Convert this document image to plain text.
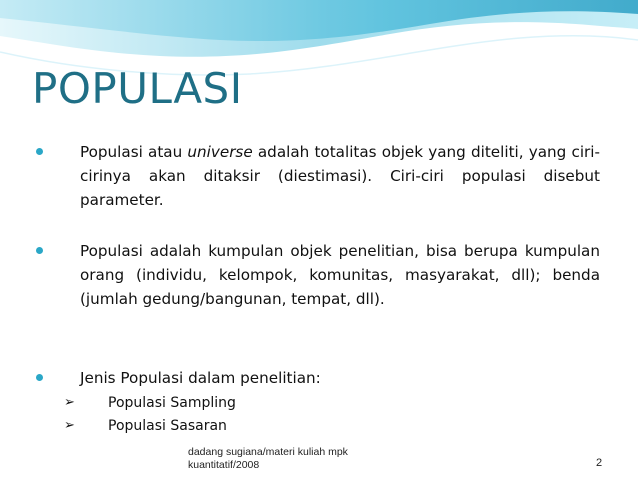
POPULASI
Populasi atau universe adalah totalitas objek yang diteliti, yang ciri-cirinya akan ditaksir (diestimasi). Ciri-ciri populasi disebut parameter.
Populasi adalah kumpulan objek penelitian, bisa berupa kumpulan orang (individu, kelompok, komunitas, masyarakat, dll); benda (jumlah gedung/bangunan, tempat, dll).
Jenis Populasi dalam penelitian:
➢ Populasi Sampling
➢ Populasi Sasaran
dadang sugiana/materi kuliah mpk
kuantitatif/2008	2
